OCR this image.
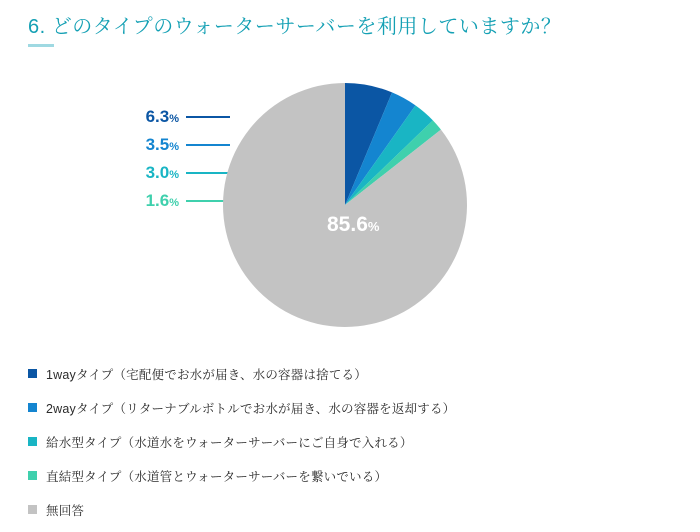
6. どのタイプのウォーターサーバーを利用していますか？
6.3%
3.5%
3.0%
1.6%
85.6%
1wayタイプ（宅配便でお水が届き、水の容器は捨てる）
2wayタイプ（リターナブルボトルでお水が届き、水の容器を返却する）
給水型タイプ（水道水をウォーターサーバーにご自身で入れる）
直結型タイプ（水道管とウォーターサーバーを繋いでいる）
無回答
